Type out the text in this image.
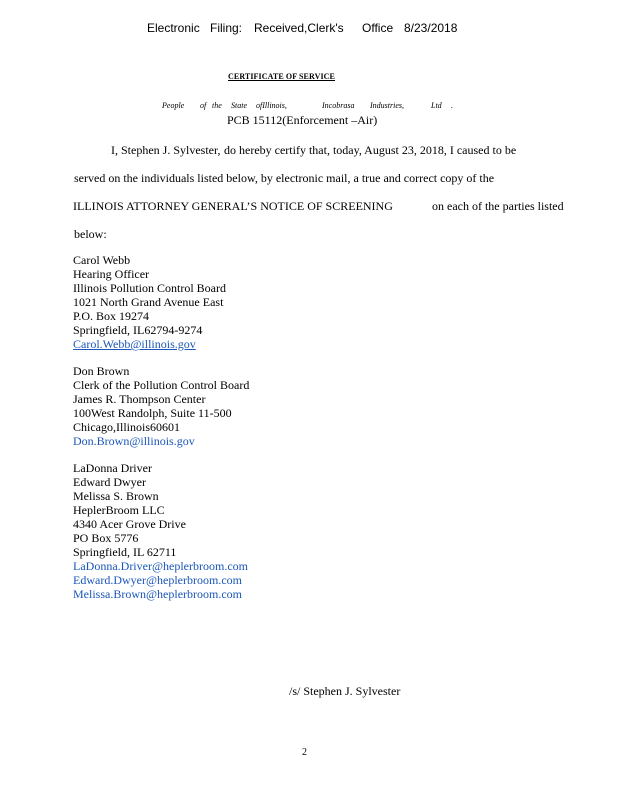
Electronic Filing: Received,Clerk's Office 8/23/2018
CERTIFICATE OF SERVICE
People of the State ofIllinois,	Incobrasa Industries,	Ltd .
PCB 15112(Enforcement –Air)
I, Stephen J. Sylvester, do hereby certify that, today, August 23, 2018, I caused to be
served on the individuals listed below, by electronic mail, a true and correct copy of the
ILLINOIS ATTORNEY GENERAL’S NOTICE OF SCREENING	on each of the parties listed
below:
Carol Webb
Hearing Officer
Illinois Pollution Control Board
1021 North Grand Avenue East
P.O. Box 19274
Springfield, IL62794-9274
Carol.Webb@illinois.gov
Don Brown
Clerk of the Pollution Control Board
James R. Thompson Center
100West Randolph, Suite 11-500
Chicago,Illinois60601
Don.Brown@illinois.gov
LaDonna Driver
Edward Dwyer
Melissa S. Brown
HeplerBroom LLC
4340 Acer Grove Drive
PO Box 5776
Springfield, IL 62711
LaDonna.Driver@heplerbroom.com
Edward.Dwyer@heplerbroom.com
Melissa.Brown@heplerbroom.com
/s/ Stephen J. Sylvester
2
